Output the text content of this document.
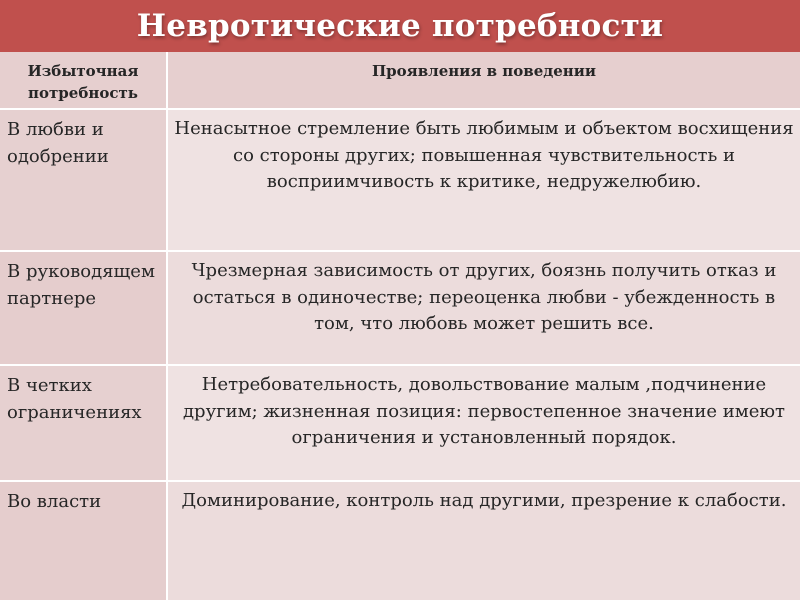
Невротические потребности
Избыточная потребность
Проявления в поведении
В любви и одобрении
Ненасытное стремление быть любимым и объектом восхищения со стороны других; повышенная чувствительность и восприимчивость к критике, недружелюбию.
В руководящем партнере
Чрезмерная зависимость от других, боязнь получить отказ и остаться в одиночестве; переоценка любви - убежденность в том, что любовь может решить все.
В четких ограничениях
Нетребовательность, довольствование малым ,подчинение другим; жизненная позиция: первостепенное значение имеют ограничения и установленный порядок.
Во власти	Доминирование, контроль над другими, презрение к слабости.
